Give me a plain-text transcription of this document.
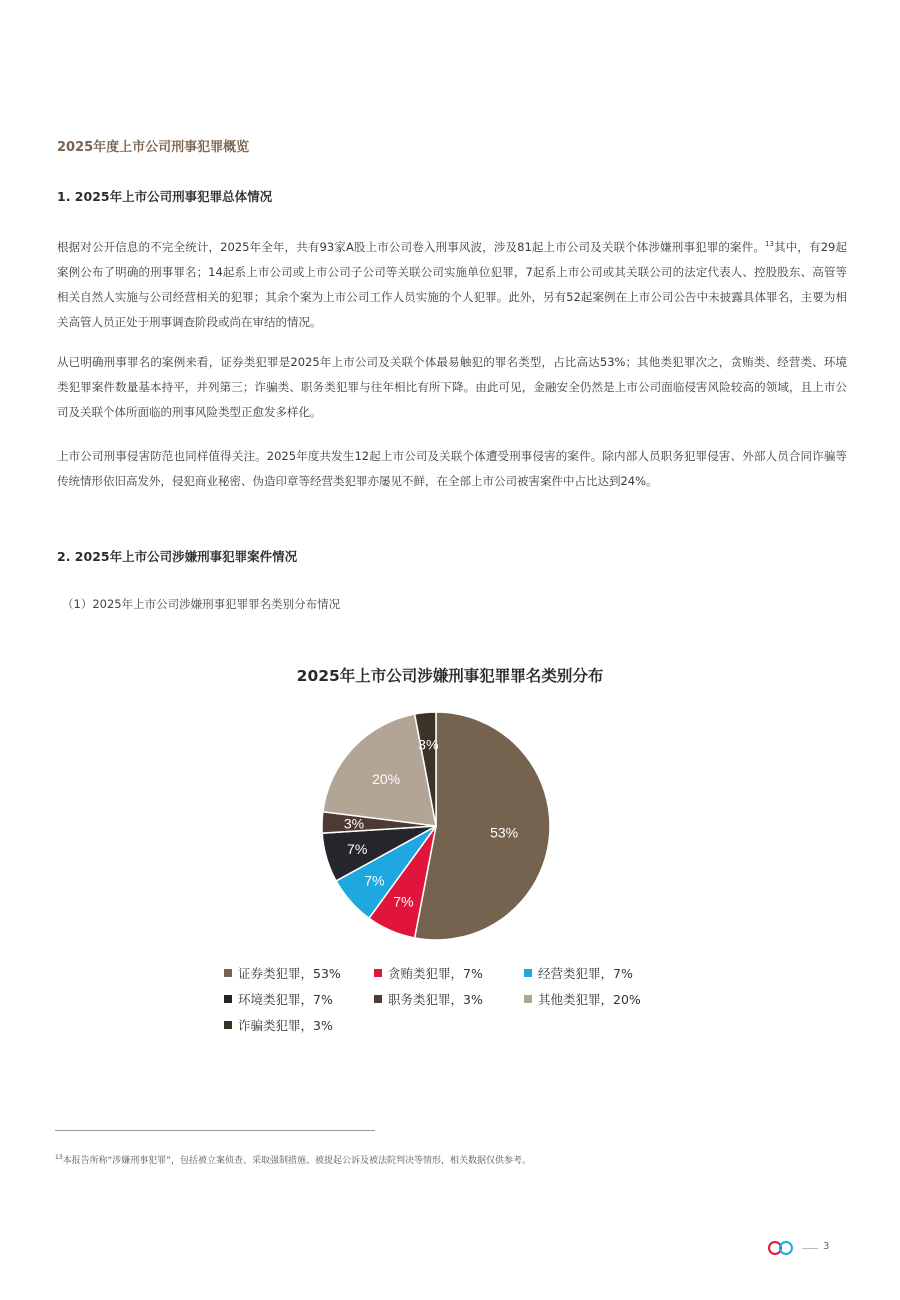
2025年度上市公司刑事犯罪概览
1. 2025年上市公司刑事犯罪总体情况
根据对公开信息的不完全统计，2025年全年，共有93家A股上市公司卷入刑事风波，涉及81起上市公司及关联个体涉嫌刑事犯罪的案件。$^{13}$其中，有29起案例公布了明确的刑事罪名；14起系上市公司或上市公司子公司等关联公司实施单位犯罪，7起系上市公司或其关联公司的法定代表人、控股股东、高管等相关自然人实施与公司经营相关的犯罪；其余个案为上市公司工作人员实施的个人犯罪。此外，另有52起案例在上市公司公告中未披露具体罪名，主要为相关高管人员正处于刑事调查阶段或尚在审结的情况。
从已明确刑事罪名的案例来看，证券类犯罪是2025年上市公司及关联个体最易触犯的罪名类型，占比高达53%；其他类犯罪次之，贪贿类、经营类、环境类犯罪案件数量基本持平，并列第三；诈骗类、职务类犯罪与往年相比有所下降。由此可见，金融安全仍然是上市公司面临侵害风险较高的领域，且上市公司及关联个体所面临的刑事风险类型正愈发多样化。
上市公司刑事侵害防范也同样值得关注。2025年度共发生12起上市公司及关联个体遭受刑事侵害的案件。除内部人员职务犯罪侵害、外部人员合同诈骗等传统情形依旧高发外，侵犯商业秘密、伪造印章等经营类犯罪亦屡见不鲜，在全部上市公司被害案件中占比达到24%。
2. 2025年上市公司涉嫌刑事犯罪案件情况
（1）2025年上市公司涉嫌刑事犯罪罪名类别分布情况
2025年上市公司涉嫌刑事犯罪罪名类别分布
53%
7%
7%
7%
3%
20%
3%
证券类犯罪，53%	贪贿类犯罪，7%	经营类犯罪，7%
环境类犯罪，7%	职务类犯罪，3%	其他类犯罪，20%
诈骗类犯罪，3%
$^{13}$本报告所称“涉嫌刑事犯罪”，包括被立案侦查、采取强制措施、被提起公诉及被法院判决等情形，相关数据仅供参考。
3
